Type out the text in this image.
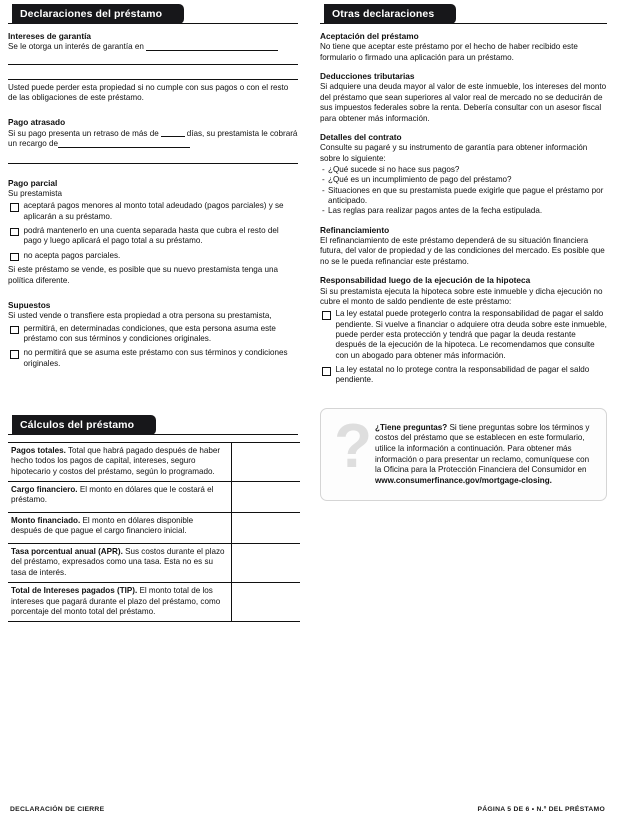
Declaraciones del préstamo
Intereses de garantía
Se le otorga un interés de garantía en
Usted puede perder esta propiedad si no cumple con sus pagos o con el resto de las obligaciones de este préstamo.
Pago atrasado
Si su pago presenta un retraso de más de	días, su prestamista le cobrará un recargo de
Pago parcial
Su prestamista
aceptará pagos menores al monto total adeudado (pagos parciales) y se aplicarán a su préstamo.
podrá mantenerlo en una cuenta separada hasta que cubra el resto del pago y luego aplicará el pago total a su préstamo.
no acepta pagos parciales.
Si este préstamo se vende, es posible que su nuevo prestamista tenga una política diferente.
Supuestos
Si usted vende o transfiere esta propiedad a otra persona su prestamista,
permitirá, en determinadas condiciones, que esta persona asuma este préstamo con sus términos y condiciones originales.
no permitirá que se asuma este préstamo con sus términos y condiciones originales.
Cálculos del préstamo
Pagos totales. Total que habrá pagado después de haber hecho todos los pagos de capital, intereses, seguro hipotecario y costos del préstamo, según lo programado.
Cargo financiero. El monto en dólares que le costará el préstamo.
Monto financiado. El monto en dólares disponible después de que pague el cargo financiero inicial.
Tasa porcentual anual (APR). Sus costos durante el plazo del préstamo, expresados como una tasa. Esta no es su tasa de interés.
Total de Intereses pagados (TIP). El monto total de los intereses que pagará durante el plazo del préstamo, como porcentaje del monto total del préstamo.
Otras declaraciones
Aceptación del préstamo
No tiene que aceptar este préstamo por el hecho de haber recibido este formulario o firmado una aplicación para un préstamo.
Deducciones tributarias
Si adquiere una deuda mayor al valor de este inmueble, los intereses del monto del préstamo que sean superiores al valor real de mercado no se deducirán de sus impuestos federales sobre la renta. Debería consultar con un asesor fiscal para obtener más información.
Detalles del contrato
Consulte su pagaré y su instrumento de garantía para obtener información sobre lo siguiente:
- ¿Qué sucede si no hace sus pagos?
- ¿Qué es un incumplimiento de pago del préstamo?
- Situaciones en que su prestamista puede exigirle que pague el préstamo por anticipado.
- Las reglas para realizar pagos antes de la fecha estipulada.
Refinanciamiento
El refinanciamiento de este préstamo dependerá de su situación financiera futura, del valor de propiedad y de las condiciones del mercado. Es posible que no se le pueda refinanciar este préstamo.
Responsabilidad luego de la ejecución de la hipoteca
Si su prestamista ejecuta la hipoteca sobre este inmueble y dicha ejecución no cubre el monto de saldo pendiente de este préstamo:
La ley estatal puede protegerlo contra la responsabilidad de pagar el saldo pendiente. Si vuelve a financiar o adquiere otra deuda sobre este inmueble, puede perder esta protección y tendrá que pagar la deuda restante después de la ejecución de la hipoteca. Le recomendamos que consulte con un abogado para obtener más información.
La ley estatal no lo protege contra la responsabilidad de pagar el saldo pendiente.
? ¿Tiene preguntas? Si tiene preguntas sobre los términos y costos del préstamo que se establecen en este formulario, utilice la información a continuación. Para obtener más información o para presentar un reclamo, comuníquese con la Oficina para la Protección Financiera del Consumidor en www.consumerfinance.gov/mortgage-closing.
DECLARACIÓN DE CIERRE	PÁGINA 5 DE 6 • N.º DEL PRÉSTAMO
